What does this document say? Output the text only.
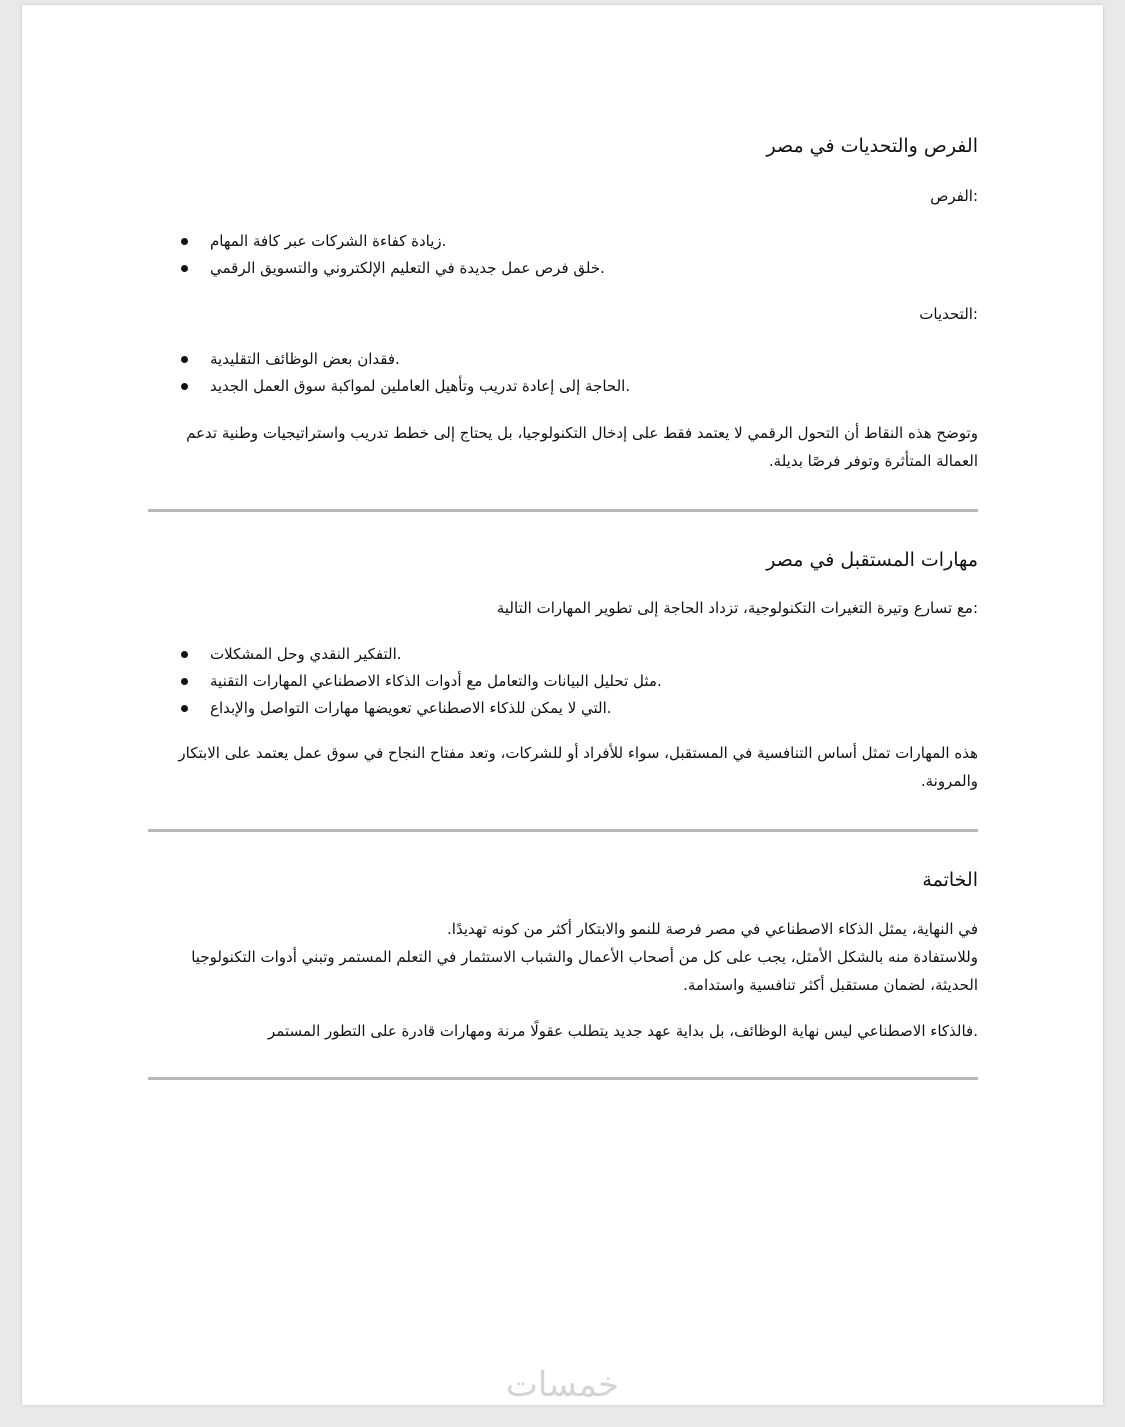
الفرص والتحديات في مصر
:الفرص
.زيادة كفاءة الشركات عبر كافة المهام
.خلق فرص عمل جديدة في التعليم الإلكتروني والتسويق الرقمي
:التحديات
.فقدان بعض الوظائف التقليدية
.الحاجة إلى إعادة تدريب وتأهيل العاملين لمواكبة سوق العمل الجديد

وتوضح هذه النقاط أن التحول الرقمي لا يعتمد فقط على إدخال التكنولوجيا، بل يحتاج إلى خطط تدريب واستراتيجيات وطنية تدعم العمالة المتأثرة وتوفر فرصًا بديلة.

مهارات المستقبل في مصر
:مع تسارع وتيرة التغيرات التكنولوجية، تزداد الحاجة إلى تطوير المهارات التالية
.التفكير النقدي وحل المشكلات
.مثل تحليل البيانات والتعامل مع أدوات الذكاء الاصطناعي المهارات التقنية
.التي لا يمكن للذكاء الاصطناعي تعويضها مهارات التواصل والإبداع

هذه المهارات تمثل أساس التنافسية في المستقبل، سواء للأفراد أو للشركات، وتعد مفتاح النجاح في سوق عمل يعتمد على الابتكار والمرونة.

الخاتمة

في النهاية، يمثل الذكاء الاصطناعي في مصر فرصة للنمو والابتكار أكثر من كونه تهديدًا.

وللاستفادة منه بالشكل الأمثل، يجب على كل من أصحاب الأعمال والشباب الاستثمار في التعلم المستمر وتبني أدوات التكنولوجيا الحديثة، لضمان مستقبل أكثر تنافسية واستدامة.

.فالذكاء الاصطناعي ليس نهاية الوظائف، بل بداية عهد جديد يتطلب عقولًا مرنة ومهارات قادرة على التطور المستمر

خمسات
